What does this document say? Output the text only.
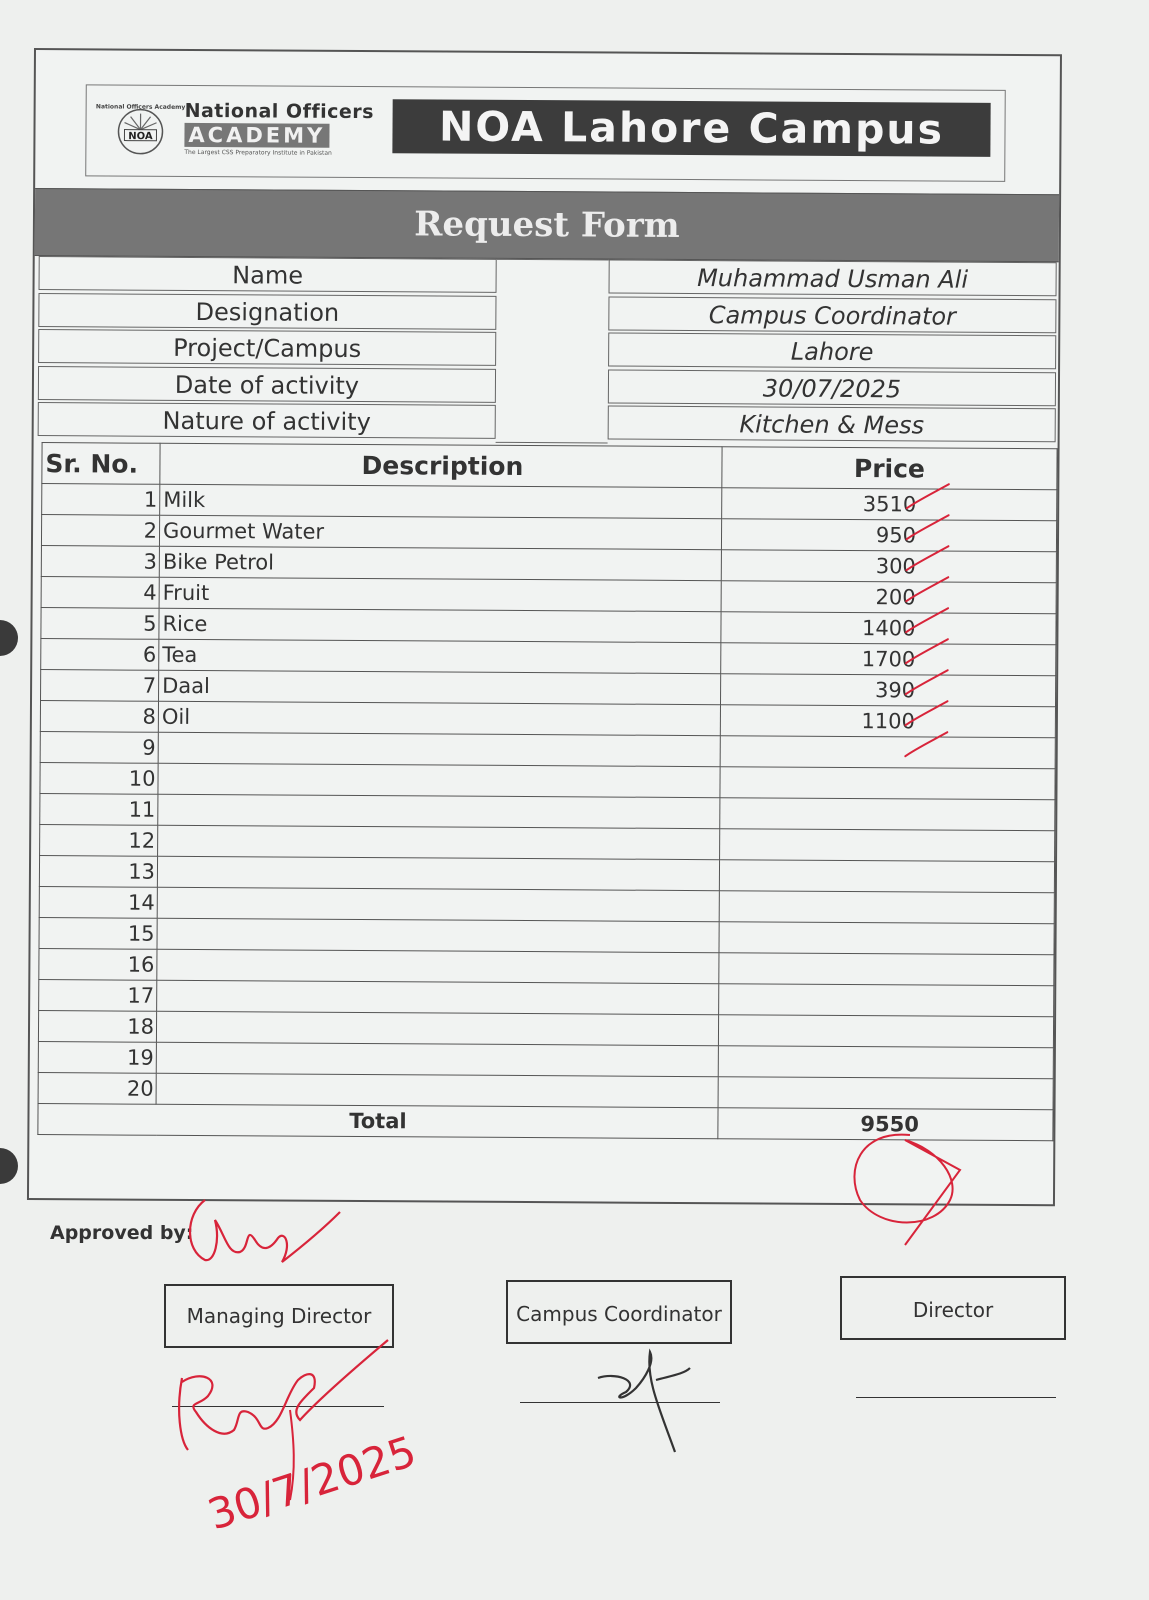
NOA
National Officers Academy National Officers
ACADEMY
The Largest CSS Preparatory Institute in Pakistan	NOA Lahore Campus
Request Form
Name	Muhammad Usman Ali
Designation	Campus Coordinator
Project/Campus	Lahore
Date of activity	30/07/2025
Nature of activity	Kitchen & Mess
Sr. No.	Description	Price
1	Milk	3510
2	Gourmet Water	950
3	Bike Petrol	300
4	Fruit	200
5	Rice	1400
6	Tea	1700
7	Daal	390
8	Oil	1100
9		
10		
11		
12		
13		
14		
15		
16		
17		
18		
19		
20		
Total		9550
Approved by:
Managing Director	Campus Coordinator	Director
30/7/2025
